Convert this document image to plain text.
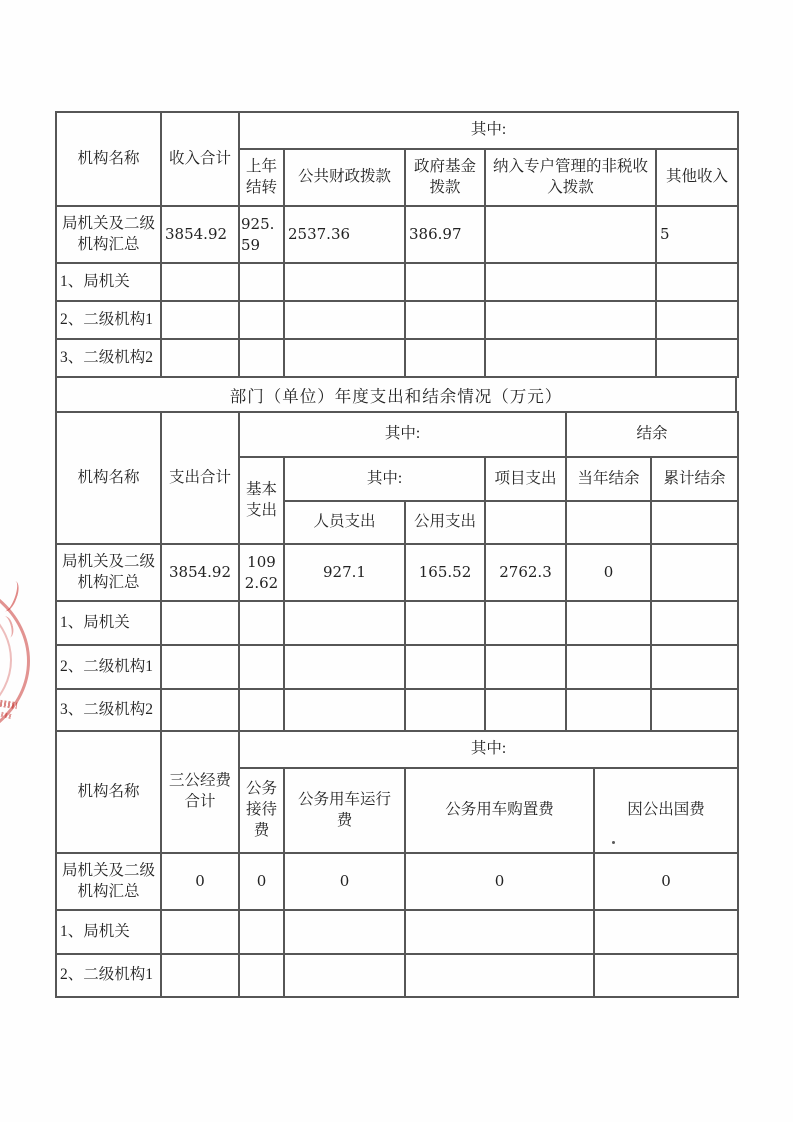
机构名称	收入合计	其中:				
		上年结转	公共财政拨款	政府基金拨款	纳入专户管理的非税收入拨款	其他收入
局机关及二级机构汇总	3854.92	925.59	2537.36	386.97		5
1、局机关						
2、二级机构1						
3、二级机构2						
部门（单位）年度支出和结余情况（万元）
机构名称	支出合计	其中:				结余	
		基本支出	其中:		项目支出	当年结余	累计结余
			人员支出	公用支出			
局机关及二级机构汇总	3854.92	1092.62	927.1	165.52	2762.3	0	
1、局机关							
2、二级机构1							
3、二级机构2							
机构名称	三公经费合计	其中:			
		公务接待费	公务用车运行费	公务用车购置费	因公出国费
局机关及二级机构汇总	0	0	0	0	0
1、局机关					
2、二级机构1					
